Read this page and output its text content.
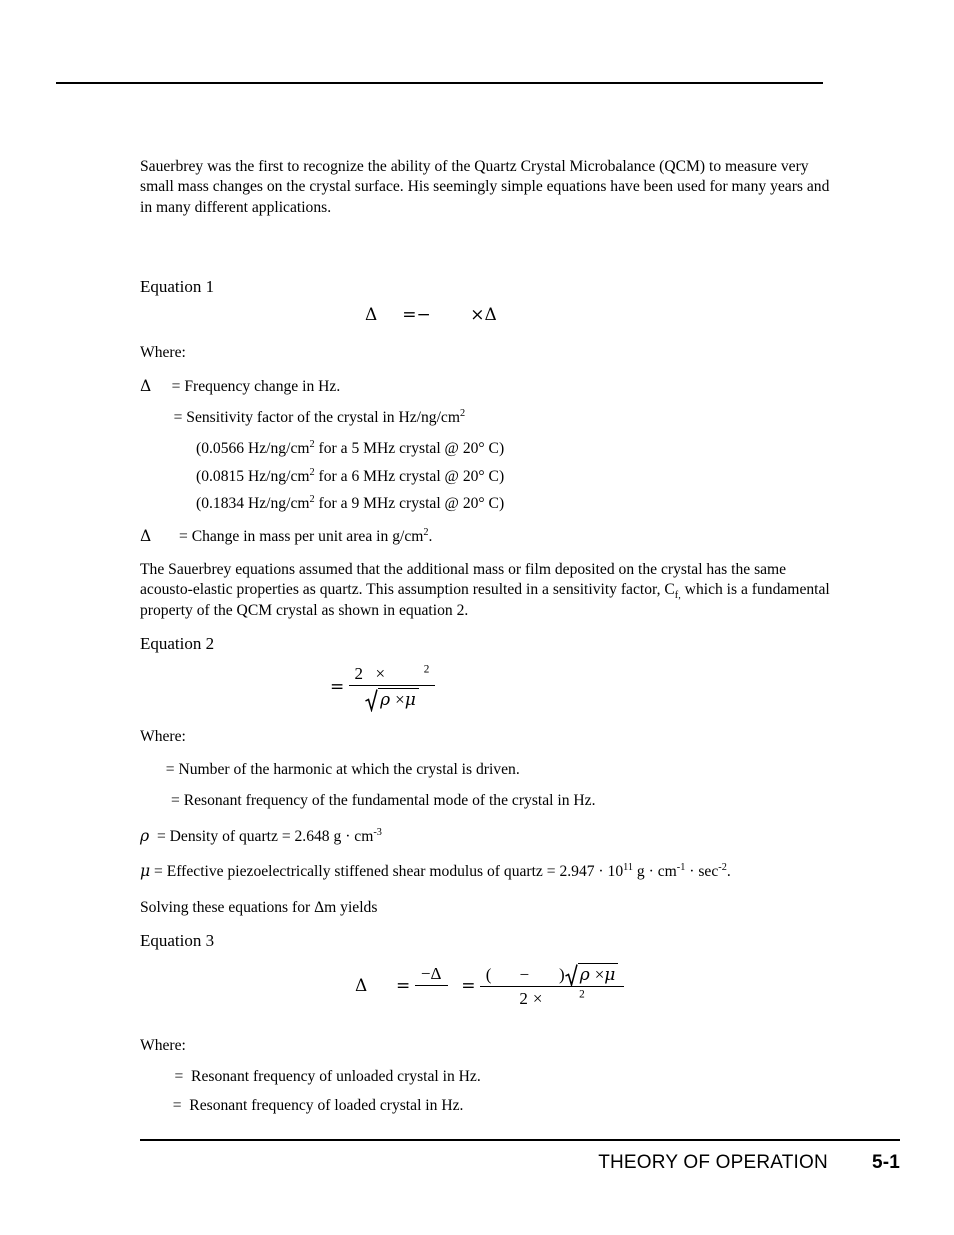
Sauerbrey was the first to recognize the ability of the Quartz Crystal Microbalance (QCM) to measure very small mass changes on the crystal surface. His seemingly simple equations have been used for many years and in many different applications.

Equation 1

Δ =− ×Δ

Where:

Δ = Frequency change in Hz.

= Sensitivity factor of the crystal in $Hz/ng/cm^2$

(0.0566 $Hz/ng/cm^2$ for a 5 MHz crystal @ 20° C)

(0.0815 $Hz/ng/cm^2$ for a 6 MHz crystal @ 20° C)

(0.1834 $Hz/ng/cm^2$ for a 9 MHz crystal @ 20° C)

Δ = Change in mass per unit area in $g/cm^2$.

The Sauerbrey equations assumed that the additional mass or film deposited on the crystal has the same acousto-elastic properties as quartz. This assumption resulted in a sensitivity factor, $C_{f,}$ which is a fundamental property of the QCM crystal as shown in equation 2.

Equation 2

= 2 ×	$^2$
ρ ×μ

Where:

= Number of the harmonic at which the crystal is driven.

= Resonant frequency of the fundamental mode of the crystal in Hz.

ρ = Density of quartz = 2.648 $g \cdot cm^{-3}$

μ = Effective piezoelectrically stiffened shear modulus of quartz = $2.947 \cdot 10^{11}$ $g \cdot cm^{-1} \cdot \sec^{-2}$.

Solving these equations for Δm yields

Equation 3

Δ =
−Δ

= ( − ) ρ ×μ
2 ×	$^2$

Where:

=  Resonant frequency of unloaded crystal in Hz.

=  Resonant frequency of loaded crystal in Hz.

THEORY OF OPERATION 5-1
